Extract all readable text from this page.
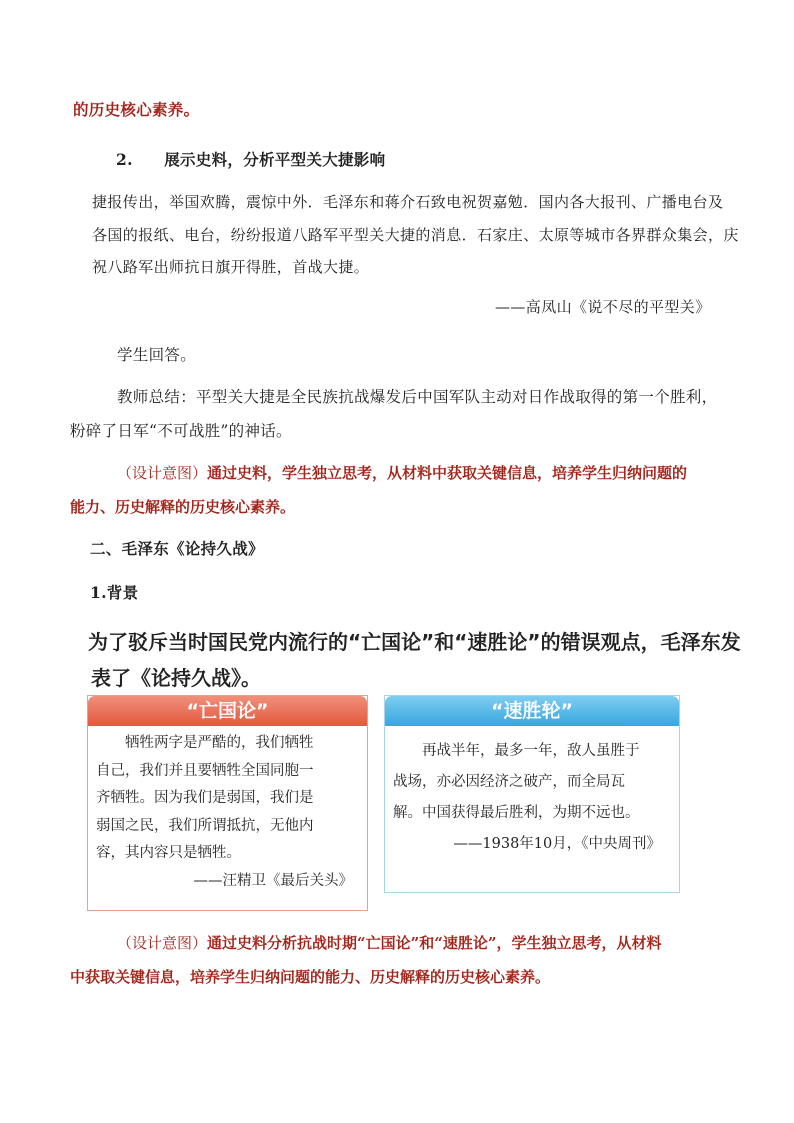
的历史核心素养。
2. 展示史料，分析平型关大捷影响
捷报传出，举国欢腾，震惊中外．毛泽东和蒋介石致电祝贺嘉勉．国内各大报刊、广播电台及
各国的报纸、电台，纷纷报道八路军平型关大捷的消息．石家庄、太原等城市各界群众集会，庆
祝八路军出师抗日旗开得胜，首战大捷。
——高凤山《说不尽的平型关》
学生回答。
教师总结：平型关大捷是全民族抗战爆发后中国军队主动对日作战取得的第一个胜利，
粉碎了日军“不可战胜”的神话。
（设计意图）通过史料，学生独立思考，从材料中获取关键信息，培养学生归纳问题的
能力、历史解释的历史核心素养。
二、毛泽东《论持久战》
1.背景
为了驳斥当时国民党内流行的“亡国论”和“速胜论”的错误观点，毛泽东发
表了《论持久战》。
“亡国论”
牺牲两字是严酷的，我们牺牲
自己，我们并且要牺牲全国同胞一
齐牺牲。因为我们是弱国，我们是
弱国之民，我们所谓抵抗，无他内
容，其内容只是牺牲。
——汪精卫《最后关头》
“速胜轮”
再战半年，最多一年，敌人虽胜于
战场，亦必因经济之破产，而全局瓦
解。中国获得最后胜利，为期不远也。
——1938年10月，《中央周刊》
（设计意图）通过史料分析抗战时期“亡国论”和“速胜论”，学生独立思考，从材料
中获取关键信息，培养学生归纳问题的能力、历史解释的历史核心素养。
